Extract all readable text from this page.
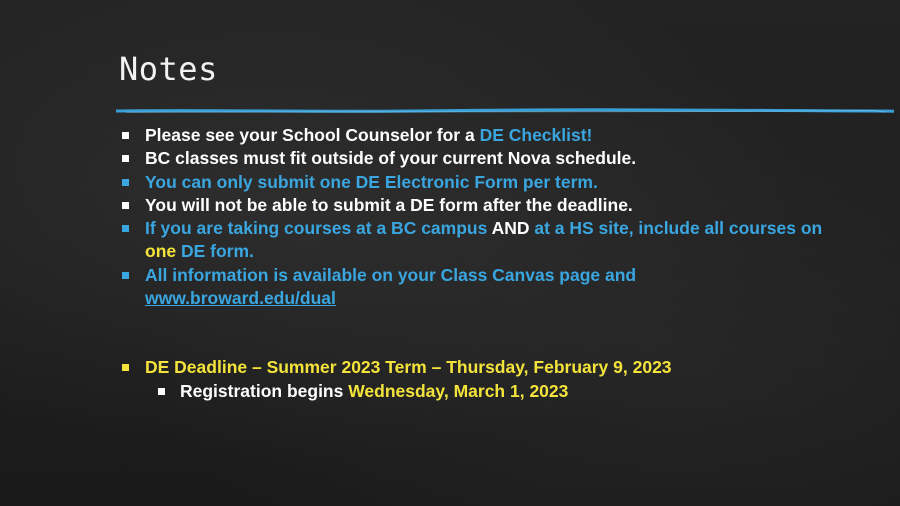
Notes
Please see your School Counselor for a DE Checklist!
BC classes must fit outside of your current Nova schedule.
You can only submit one DE Electronic Form per term.
You will not be able to submit a DE form after the deadline.
If you are taking courses at a BC campus AND at a HS site, include all courses on one DE form.
All information is available on your Class Canvas page and
www.broward.edu/dual
DE Deadline – Summer 2023 Term – Thursday, February 9, 2023
Registration begins Wednesday, March 1, 2023
